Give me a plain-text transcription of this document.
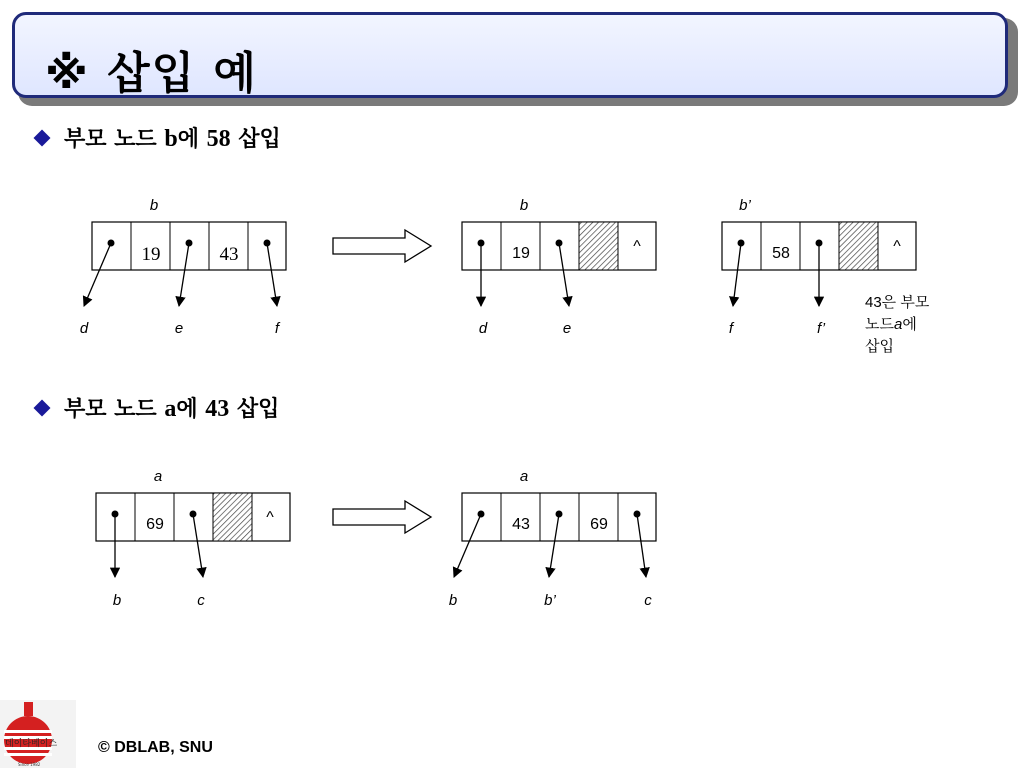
※ 삽입 예
부모 노드 b에 58 삽입
부모 노드 a에 43 삽입
b
19	43
d	e	f
b
19	^
d	e
b’
58	^
f	f’
43은 부모
노드a에
삽입
a
69	^
b	c
a
43	69
b	b’	c
데이타베이스
Since 1982
© DBLAB, SNU
